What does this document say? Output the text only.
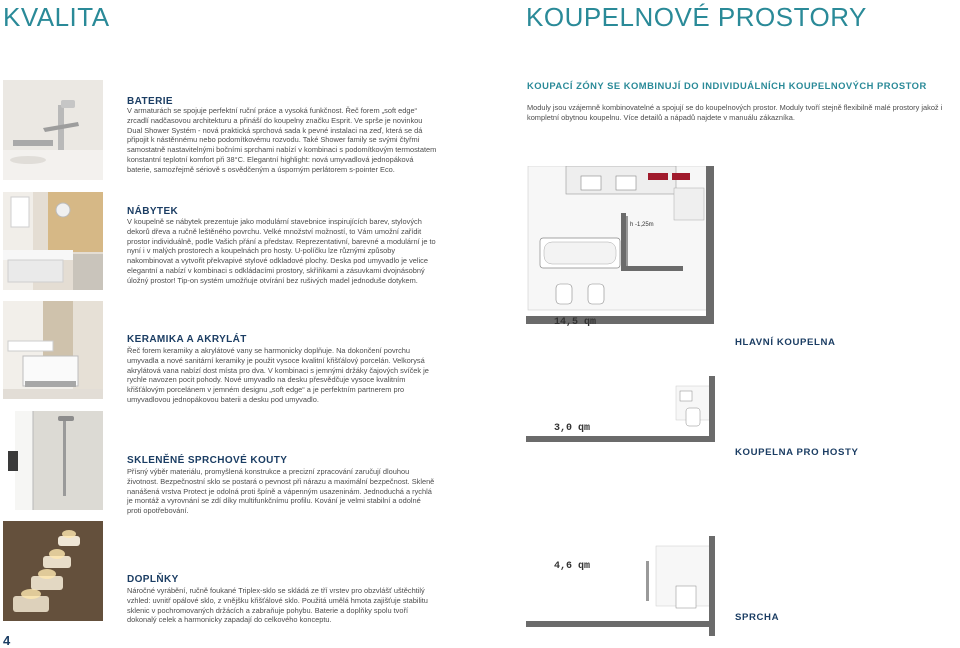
KVALITA	KOUPELNOVÉ PROSTORY
BATERIE
V armaturách se spojuje perfektní ruční práce a vysoká funkčnost. Řeč forem „soft edge“ zrcadlí nadčasovou architekturu a přináší do koupelny značku Esprit. Ve sprše je novinkou Dual Shower Systém - nová praktická sprchová sada k pevné instalaci na zeď, která se dá připojit k nástěnnému nebo podomítkovému rozvodu. Také Shower family se svými čtyřmi samostatně nastavitelnými bočními sprchami nabízí v kombinaci s podomítkovým termostatem konstantní teplotní komfort při 38°C. Elegantní highlight: nová umyvadlová jednopáková baterie, samozřejmě sériově s osvědčeným a úsporným perlátorem s-pointer Eco.
NÁBYTEK
V koupelně se nábytek prezentuje jako modulární stavebnice inspirujících barev, stylových dekorů dřeva a ručně leštěného povrchu. Velké množství možností, to Vám umožní zařídit prostor individuálně, podle Vašich přání a představ. Reprezentativní, barevné a modulární je to nyní i v malých prostorech a koupelnách pro hosty. U-políčku lze různými způsoby nakombinovat a vytvořit překvapivé stylové odkladové plochy. Deska pod umyvadlo je velice elegantní a nabízí v kombinaci s odkládacími prostory, skříňkami a zásuvkami dvojnásobný úložný prostor! Tip-on systém umožňuje otvírání bez rušivých madel jednoduše dotykem.
KERAMIKA A AKRYLÁT
Řeč forem keramiky a akrylátové vany se harmonicky doplňuje. Na dokončení povrchu umyvadla a nové sanitární keramiky je použit vysoce kvalitní křišťálový porcelán. Velkorysá akrylátová vana nabízí dost místa pro dva. V kombinaci s jemnými držáky čajových svíček je rychle navozen pocit pohody. Nové umyvadlo na desku přesvědčuje vysoce kvalitním křišťálovým porcelánem v jemném designu „soft edge“ a je perfektním partnerem pro umyvadlovou jednopákovou baterii a desku pod umyvadlo.
SKLENĚNÉ SPRCHOVÉ KOUTY
Přísný výběr materiálu, promyšlená konstrukce a precizní zpracování zaručují dlouhou životnost. Bezpečnostní sklo se postará o pevnost při nárazu a maximální bezpečnost. Sklenĕ nanášená vrstva Protect je odolná proti špíně a vápenným usazeninám. Jednoduchá a rychlá je montáž a vyrovnání se zdí díky multifunkčnímu profilu. Kování je velmi stabilní a odolné proti opotřebování.
DOPLŇKY
Náročné vyrábění, ručně foukané Triplex-sklo se skládá ze tří vrstev pro obzvlášť uštěchtilý vzhled: uvnitř opálové sklo, z vnějšku křišťálové sklo. Použitá umělá hmota zajišťuje stabilitu sklenic v pochromovaných držácích a zabraňuje pohybu. Baterie a doplňky spolu tvoří dokonalý celek a harmonicky zapadají do celkového konceptu.
KOUPACÍ ZÓNY SE KOMBINUJÍ DO INDIVIDUÁLNÍCH KOUPELNOVÝCH PROSTOR
Moduly jsou vzájemně kombinovatelné a spojují se do koupelnových prostor. Moduly tvoří stejně flexibilně malé prostory jakož i kompletní obytnou koupelnu. Více detailů a nápadů najdete v manuálu zákazníka.
h -1,25m
14,5 qm
3,0 qm
4,6 qm
HLAVNÍ KOUPELNA
KOUPELNA PRO HOSTY
SPRCHA
4
